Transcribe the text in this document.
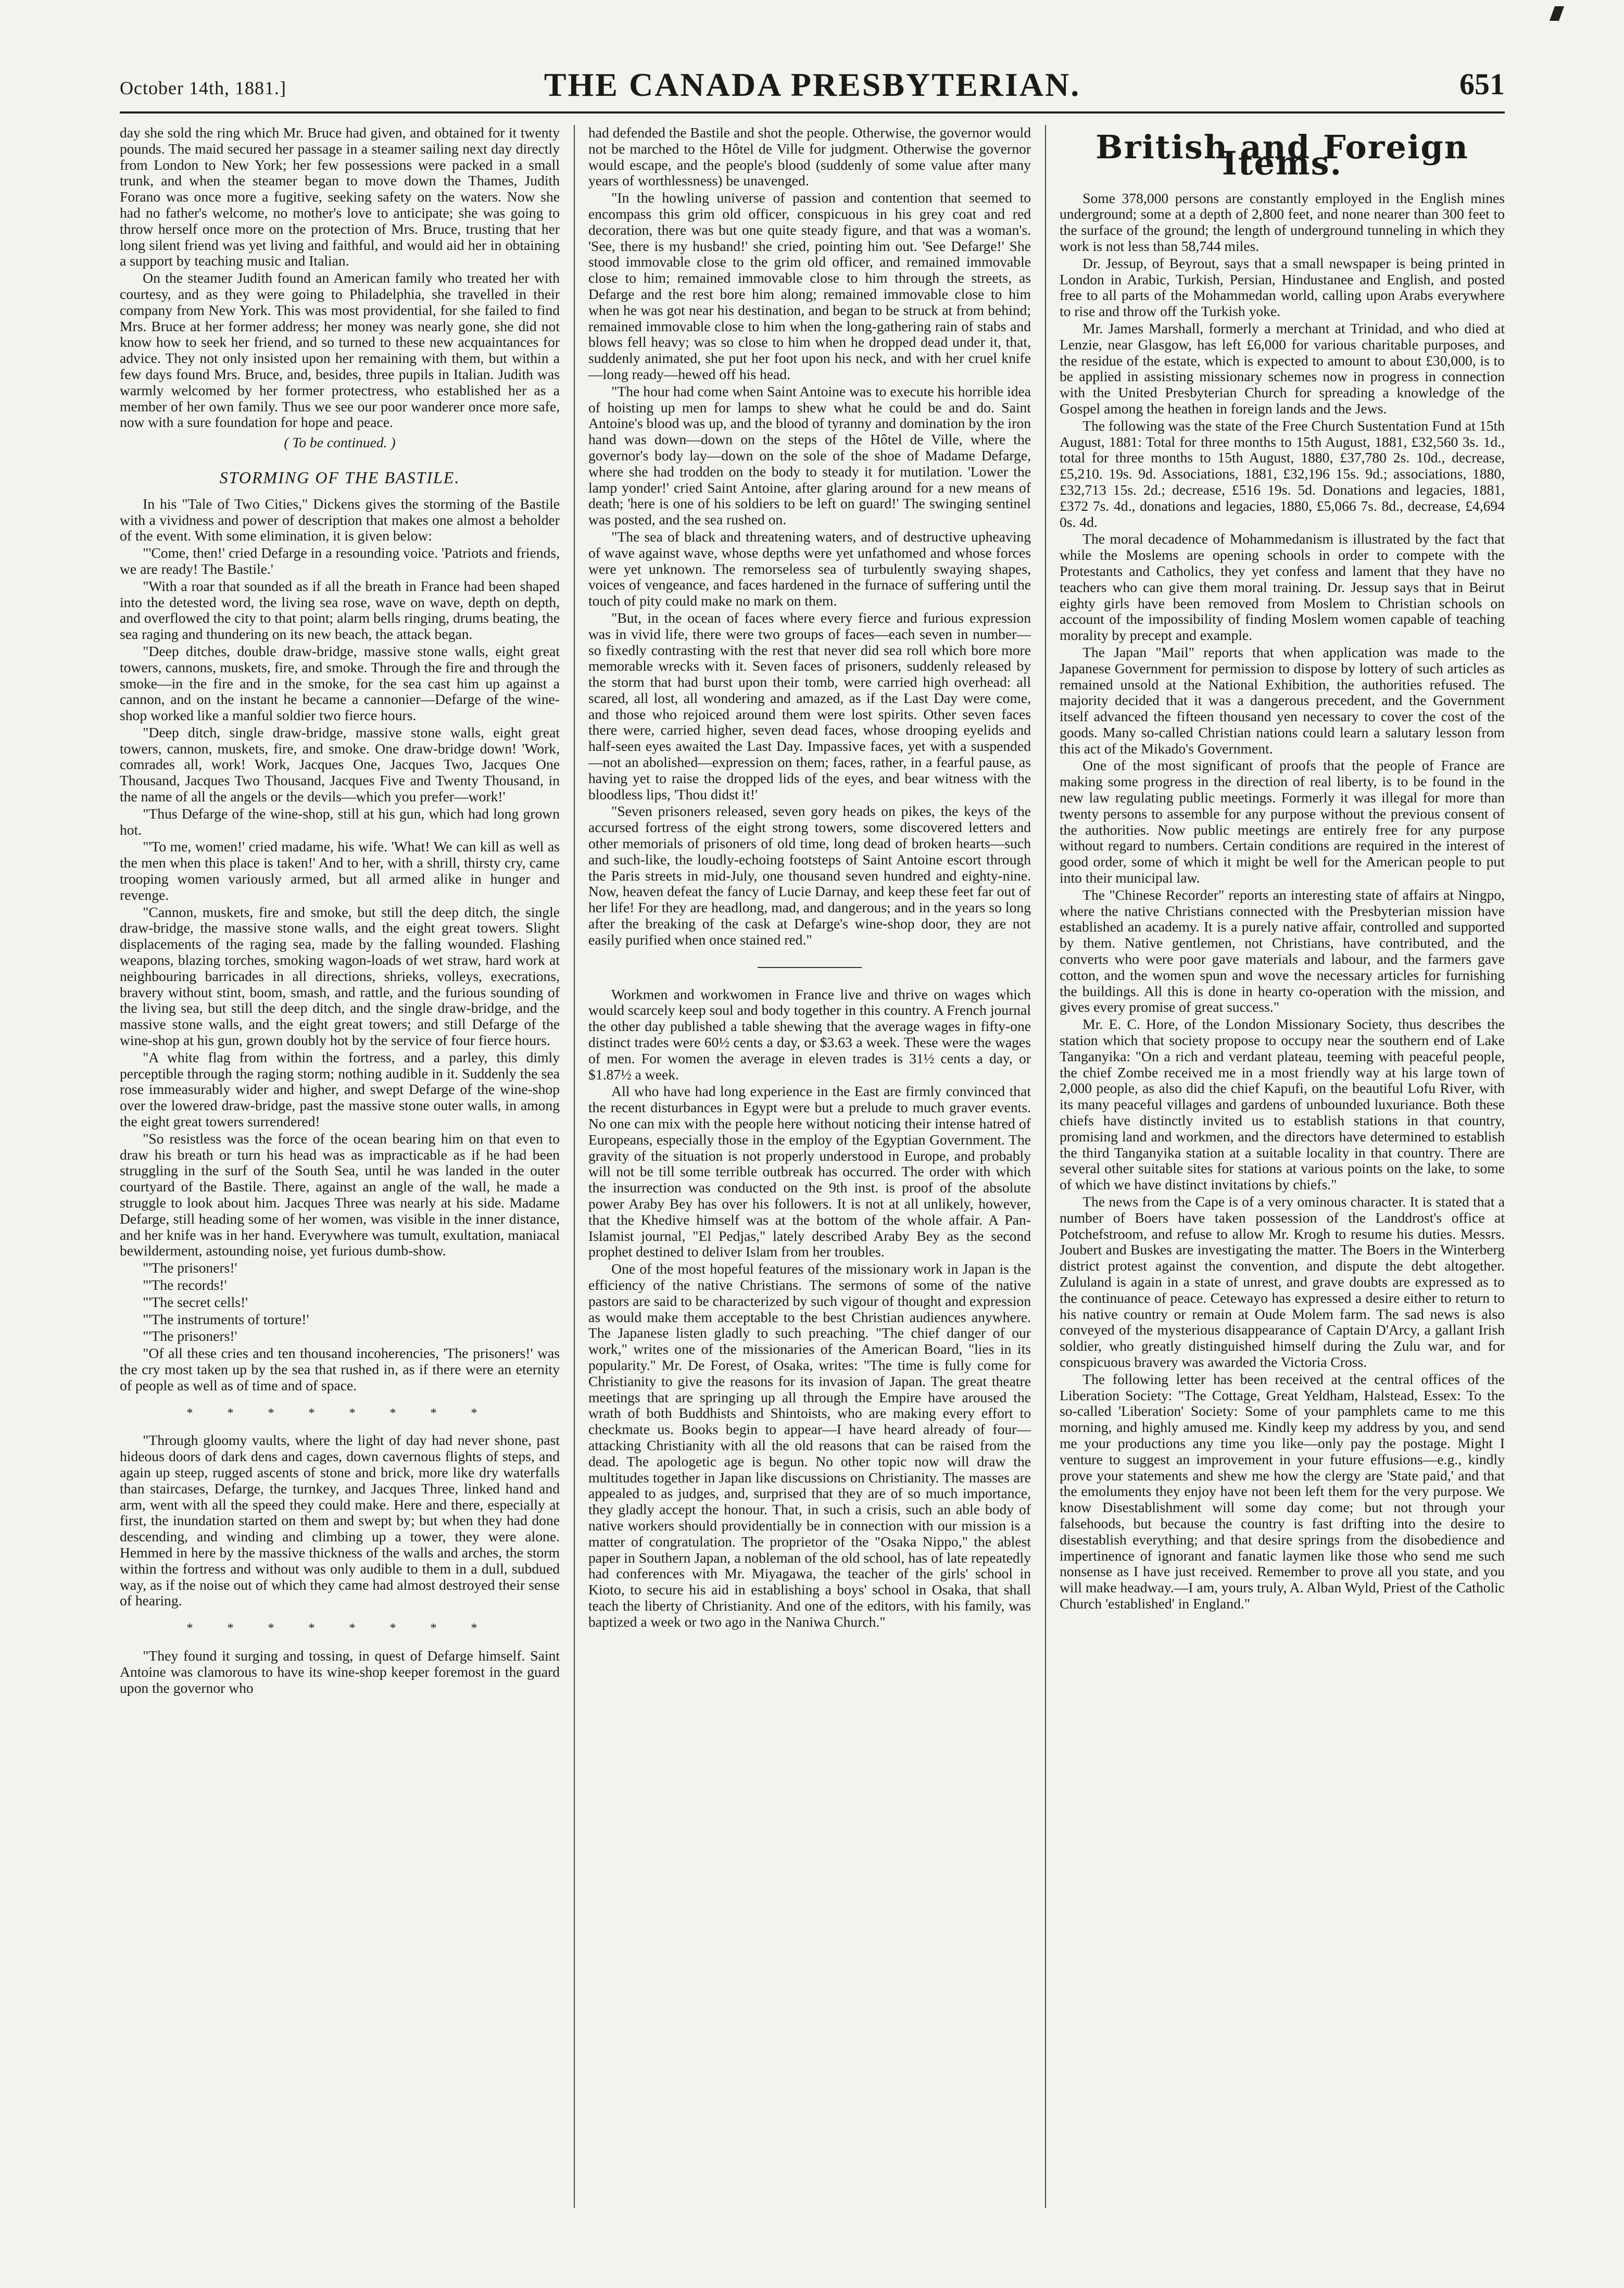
October 14th, 1881.]	THE CANADA PRESBYTERIAN.	651

day she sold the ring which Mr. Bruce had given, and obtained for it twenty pounds. The maid secured her passage in a steamer sailing next day directly from London to New York; her few possessions were packed in a small trunk, and when the steamer began to move down the Thames, Judith Forano was once more a fugitive, seeking safety on the waters. Now she had no father's welcome, no mother's love to anticipate; she was going to throw herself once more on the protection of Mrs. Bruce, trusting that her long silent friend was yet living and faithful, and would aid her in obtaining a support by teaching music and Italian.

On the steamer Judith found an American family who treated her with courtesy, and as they were going to Philadelphia, she travelled in their company from New York. This was most providential, for she failed to find Mrs. Bruce at her former address; her money was nearly gone, she did not know how to seek her friend, and so turned to these new acquaintances for advice. They not only insisted upon her remaining with them, but within a few days found Mrs. Bruce, and, besides, three pupils in Italian. Judith was warmly welcomed by her former protectress, who established her as a member of her own family. Thus we see our poor wanderer once more safe, now with a sure foundation for hope and peace.

( To be continued. )

STORMING OF THE BASTILE.

In his "Tale of Two Cities," Dickens gives the storming of the Bastile with a vividness and power of description that makes one almost a beholder of the event. With some elimination, it is given below:

"'Come, then!' cried Defarge in a resounding voice. 'Patriots and friends, we are ready! The Bastile.'

"With a roar that sounded as if all the breath in France had been shaped into the detested word, the living sea rose, wave on wave, depth on depth, and overflowed the city to that point; alarm bells ringing, drums beating, the sea raging and thundering on its new beach, the attack began.

"Deep ditches, double draw-bridge, massive stone walls, eight great towers, cannons, muskets, fire, and smoke. Through the fire and through the smoke—in the fire and in the smoke, for the sea cast him up against a cannon, and on the instant he became a cannonier—Defarge of the wine-shop worked like a manful soldier two fierce hours.

"Deep ditch, single draw-bridge, massive stone walls, eight great towers, cannon, muskets, fire, and smoke. One draw-bridge down! 'Work, comrades all, work! Work, Jacques One, Jacques Two, Jacques One Thousand, Jacques Two Thousand, Jacques Five and Twenty Thousand, in the name of all the angels or the devils—which you prefer—work!'

"Thus Defarge of the wine-shop, still at his gun, which had long grown hot.

"'To me, women!' cried madame, his wife. 'What! We can kill as well as the men when this place is taken!' And to her, with a shrill, thirsty cry, came trooping women variously armed, but all armed alike in hunger and revenge.

"Cannon, muskets, fire and smoke, but still the deep ditch, the single draw-bridge, the massive stone walls, and the eight great towers. Slight displacements of the raging sea, made by the falling wounded. Flashing weapons, blazing torches, smoking wagon-loads of wet straw, hard work at neighbouring barricades in all directions, shrieks, volleys, execrations, bravery without stint, boom, smash, and rattle, and the furious sounding of the living sea, but still the deep ditch, and the single draw-bridge, and the massive stone walls, and the eight great towers; and still Defarge of the wine-shop at his gun, grown doubly hot by the service of four fierce hours.

"A white flag from within the fortress, and a parley, this dimly perceptible through the raging storm; nothing audible in it. Suddenly the sea rose immeasurably wider and higher, and swept Defarge of the wine-shop over the lowered draw-bridge, past the massive stone outer walls, in among the eight great towers surrendered!

"So resistless was the force of the ocean bearing him on that even to draw his breath or turn his head was as impracticable as if he had been struggling in the surf of the South Sea, until he was landed in the outer courtyard of the Bastile. There, against an angle of the wall, he made a struggle to look about him. Jacques Three was nearly at his side. Madame Defarge, still heading some of her women, was visible in the inner distance, and her knife was in her hand. Everywhere was tumult, exultation, maniacal bewilderment, astounding noise, yet furious dumb-show.

"'The prisoners!'

"'The records!'

"'The secret cells!'

"'The instruments of torture!'

"'The prisoners!'

"Of all these cries and ten thousand incoherencies, 'The prisoners!' was the cry most taken up by the sea that rushed in, as if there were an eternity of people as well as of time and of space.

* * * * * * * *

"Through gloomy vaults, where the light of day had never shone, past hideous doors of dark dens and cages, down cavernous flights of steps, and again up steep, rugged ascents of stone and brick, more like dry waterfalls than staircases, Defarge, the turnkey, and Jacques Three, linked hand and arm, went with all the speed they could make. Here and there, especially at first, the inundation started on them and swept by; but when they had done descending, and winding and climbing up a tower, they were alone. Hemmed in here by the massive thickness of the walls and arches, the storm within the fortress and without was only audible to them in a dull, subdued way, as if the noise out of which they came had almost destroyed their sense of hearing.

* * * * * * * *

"They found it surging and tossing, in quest of Defarge himself. Saint Antoine was clamorous to have its wine-shop keeper foremost in the guard upon the governor who

had defended the Bastile and shot the people. Otherwise, the governor would not be marched to the Hôtel de Ville for judgment. Otherwise the governor would escape, and the people's blood (suddenly of some value after many years of worthlessness) be unavenged.

"In the howling universe of passion and contention that seemed to encompass this grim old officer, conspicuous in his grey coat and red decoration, there was but one quite steady figure, and that was a woman's. 'See, there is my husband!' she cried, pointing him out. 'See Defarge!' She stood immovable close to the grim old officer, and remained immovable close to him; remained immovable close to him through the streets, as Defarge and the rest bore him along; remained immovable close to him when he was got near his destination, and began to be struck at from behind; remained immovable close to him when the long-gathering rain of stabs and blows fell heavy; was so close to him when he dropped dead under it, that, suddenly animated, she put her foot upon his neck, and with her cruel knife—long ready—hewed off his head.

"The hour had come when Saint Antoine was to execute his horrible idea of hoisting up men for lamps to shew what he could be and do. Saint Antoine's blood was up, and the blood of tyranny and domination by the iron hand was down—down on the steps of the Hôtel de Ville, where the governor's body lay—down on the sole of the shoe of Madame Defarge, where she had trodden on the body to steady it for mutilation. 'Lower the lamp yonder!' cried Saint Antoine, after glaring around for a new means of death; 'here is one of his soldiers to be left on guard!' The swinging sentinel was posted, and the sea rushed on.

"The sea of black and threatening waters, and of destructive upheaving of wave against wave, whose depths were yet unfathomed and whose forces were yet unknown. The remorseless sea of turbulently swaying shapes, voices of vengeance, and faces hardened in the furnace of suffering until the touch of pity could make no mark on them.

"But, in the ocean of faces where every fierce and furious expression was in vivid life, there were two groups of faces—each seven in number—so fixedly contrasting with the rest that never did sea roll which bore more memorable wrecks with it. Seven faces of prisoners, suddenly released by the storm that had burst upon their tomb, were carried high overhead: all scared, all lost, all wondering and amazed, as if the Last Day were come, and those who rejoiced around them were lost spirits. Other seven faces there were, carried higher, seven dead faces, whose drooping eyelids and half-seen eyes awaited the Last Day. Impassive faces, yet with a suspended—not an abolished—expression on them; faces, rather, in a fearful pause, as having yet to raise the dropped lids of the eyes, and bear witness with the bloodless lips, 'Thou didst it!'

"Seven prisoners released, seven gory heads on pikes, the keys of the accursed fortress of the eight strong towers, some discovered letters and other memorials of prisoners of old time, long dead of broken hearts—such and such-like, the loudly-echoing footsteps of Saint Antoine escort through the Paris streets in mid-July, one thousand seven hundred and eighty-nine. Now, heaven defeat the fancy of Lucie Darnay, and keep these feet far out of her life! For they are headlong, mad, and dangerous; and in the years so long after the breaking of the cask at Defarge's wine-shop door, they are not easily purified when once stained red."

Workmen and workwomen in France live and thrive on wages which would scarcely keep soul and body together in this country. A French journal the other day published a table shewing that the average wages in fifty-one distinct trades were 60½ cents a day, or $3.63 a week. These were the wages of men. For women the average in eleven trades is 31½ cents a day, or $1.87½ a week.

All who have had long experience in the East are firmly convinced that the recent disturbances in Egypt were but a prelude to much graver events. No one can mix with the people here without noticing their intense hatred of Europeans, especially those in the employ of the Egyptian Government. The gravity of the situation is not properly understood in Europe, and probably will not be till some terrible outbreak has occurred. The order with which the insurrection was conducted on the 9th inst. is proof of the absolute power Araby Bey has over his followers. It is not at all unlikely, however, that the Khedive himself was at the bottom of the whole affair. A Pan-Islamist journal, "El Pedjas," lately described Araby Bey as the second prophet destined to deliver Islam from her troubles.

One of the most hopeful features of the missionary work in Japan is the efficiency of the native Christians. The sermons of some of the native pastors are said to be characterized by such vigour of thought and expression as would make them acceptable to the best Christian audiences anywhere. The Japanese listen gladly to such preaching. "The chief danger of our work," writes one of the missionaries of the American Board, "lies in its popularity." Mr. De Forest, of Osaka, writes: "The time is fully come for Christianity to give the reasons for its invasion of Japan. The great theatre meetings that are springing up all through the Empire have aroused the wrath of both Buddhists and Shintoists, who are making every effort to checkmate us. Books begin to appear—I have heard already of four—attacking Christianity with all the old reasons that can be raised from the dead. The apologetic age is begun. No other topic now will draw the multitudes together in Japan like discussions on Christianity. The masses are appealed to as judges, and, surprised that they are of so much importance, they gladly accept the honour. That, in such a crisis, such an able body of native workers should providentially be in connection with our mission is a matter of congratulation. The proprietor of the "Osaka Nippo," the ablest paper in Southern Japan, a nobleman of the old school, has of late repeatedly had conferences with Mr. Miyagawa, the teacher of the girls' school in Kioto, to secure his aid in establishing a boys' school in Osaka, that shall teach the liberty of Christianity. And one of the editors, with his family, was baptized a week or two ago in the Naniwa Church."

British and Foreign Items.

Some 378,000 persons are constantly employed in the English mines underground; some at a depth of 2,800 feet, and none nearer than 300 feet to the surface of the ground; the length of underground tunneling in which they work is not less than 58,744 miles.

Dr. Jessup, of Beyrout, says that a small newspaper is being printed in London in Arabic, Turkish, Persian, Hindustanee and English, and posted free to all parts of the Mohammedan world, calling upon Arabs everywhere to rise and throw off the Turkish yoke.

Mr. James Marshall, formerly a merchant at Trinidad, and who died at Lenzie, near Glasgow, has left £6,000 for various charitable purposes, and the residue of the estate, which is expected to amount to about £30,000, is to be applied in assisting missionary schemes now in progress in connection with the United Presbyterian Church for spreading a knowledge of the Gospel among the heathen in foreign lands and the Jews.

The following was the state of the Free Church Sustentation Fund at 15th August, 1881: Total for three months to 15th August, 1881, £32,560 3s. 1d., total for three months to 15th August, 1880, £37,780 2s. 10d., decrease, £5,210. 19s. 9d. Associations, 1881, £32,196 15s. 9d.; associations, 1880, £32,713 15s. 2d.; decrease, £516 19s. 5d. Donations and legacies, 1881, £372 7s. 4d., donations and legacies, 1880, £5,066 7s. 8d., decrease, £4,694 0s. 4d.

The moral decadence of Mohammedanism is illustrated by the fact that while the Moslems are opening schools in order to compete with the Protestants and Catholics, they yet confess and lament that they have no teachers who can give them moral training. Dr. Jessup says that in Beirut eighty girls have been removed from Moslem to Christian schools on account of the impossibility of finding Moslem women capable of teaching morality by precept and example.

The Japan "Mail" reports that when application was made to the Japanese Government for permission to dispose by lottery of such articles as remained unsold at the National Exhibition, the authorities refused. The majority decided that it was a dangerous precedent, and the Government itself advanced the fifteen thousand yen necessary to cover the cost of the goods. Many so-called Christian nations could learn a salutary lesson from this act of the Mikado's Government.

One of the most significant of proofs that the people of France are making some progress in the direction of real liberty, is to be found in the new law regulating public meetings. Formerly it was illegal for more than twenty persons to assemble for any purpose without the previous consent of the authorities. Now public meetings are entirely free for any purpose without regard to numbers. Certain conditions are required in the interest of good order, some of which it might be well for the American people to put into their municipal law.

The "Chinese Recorder" reports an interesting state of affairs at Ningpo, where the native Christians connected with the Presbyterian mission have established an academy. It is a purely native affair, controlled and supported by them. Native gentlemen, not Christians, have contributed, and the converts who were poor gave materials and labour, and the farmers gave cotton, and the women spun and wove the necessary articles for furnishing the buildings. All this is done in hearty co-operation with the mission, and gives every promise of great success."

Mr. E. C. Hore, of the London Missionary Society, thus describes the station which that society propose to occupy near the southern end of Lake Tanganyika: "On a rich and verdant plateau, teeming with peaceful people, the chief Zombe received me in a most friendly way at his large town of 2,000 people, as also did the chief Kapufi, on the beautiful Lofu River, with its many peaceful villages and gardens of unbounded luxuriance. Both these chiefs have distinctly invited us to establish stations in that country, promising land and workmen, and the directors have determined to establish the third Tanganyika station at a suitable locality in that country. There are several other suitable sites for stations at various points on the lake, to some of which we have distinct invitations by chiefs."

The news from the Cape is of a very ominous character. It is stated that a number of Boers have taken possession of the Landdrost's office at Potchefstroom, and refuse to allow Mr. Krogh to resume his duties. Messrs. Joubert and Buskes are investigating the matter. The Boers in the Winterberg district protest against the convention, and dispute the debt altogether. Zululand is again in a state of unrest, and grave doubts are expressed as to the continuance of peace. Cetewayo has expressed a desire either to return to his native country or remain at Oude Molem farm. The sad news is also conveyed of the mysterious disappearance of Captain D'Arcy, a gallant Irish soldier, who greatly distinguished himself during the Zulu war, and for conspicuous bravery was awarded the Victoria Cross.

The following letter has been received at the central offices of the Liberation Society: "The Cottage, Great Yeldham, Halstead, Essex: To the so-called 'Liberation' Society: Some of your pamphlets came to me this morning, and highly amused me. Kindly keep my address by you, and send me your productions any time you like—only pay the postage. Might I venture to suggest an improvement in your future effusions—e.g., kindly prove your statements and shew me how the clergy are 'State paid,' and that the emoluments they enjoy have not been left them for the very purpose. We know Disestablishment will some day come; but not through your falsehoods, but because the country is fast drifting into the desire to disestablish everything; and that desire springs from the disobedience and impertinence of ignorant and fanatic laymen like those who send me such nonsense as I have just received. Remember to prove all you state, and you will make headway.—I am, yours truly, A. Alban Wyld, Priest of the Catholic Church 'established' in England."
